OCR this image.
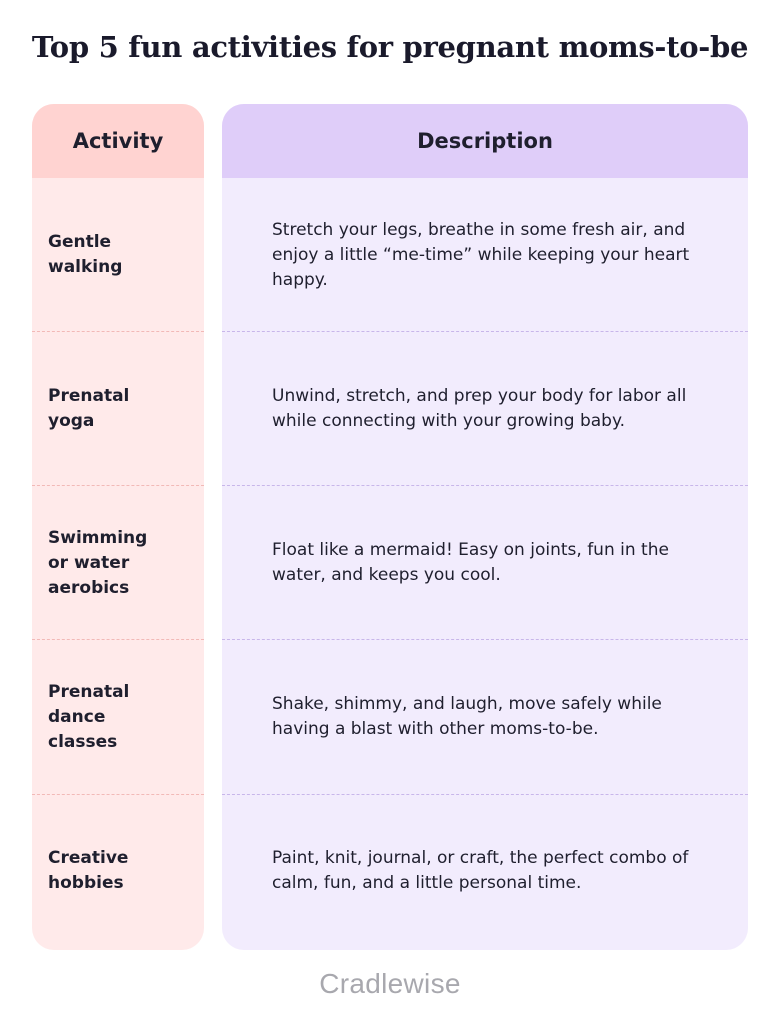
Top 5 fun activities for pregnant moms-to-be
Activity
Gentle walking
Prenatal yoga
Swimming or water aerobics
Prenatal dance classes
Creative hobbies
Description
Stretch your legs, breathe in some fresh air, and enjoy a little “me-time” while keeping your heart happy.
Unwind, stretch, and prep your body for labor all while connecting with your growing baby.
Float like a mermaid! Easy on joints, fun in the water, and keeps you cool.
Shake, shimmy, and laugh, move safely while having a blast with other moms-to-be.
Paint, knit, journal, or craft, the perfect combo of calm, fun, and a little personal time.
Cradlewise
